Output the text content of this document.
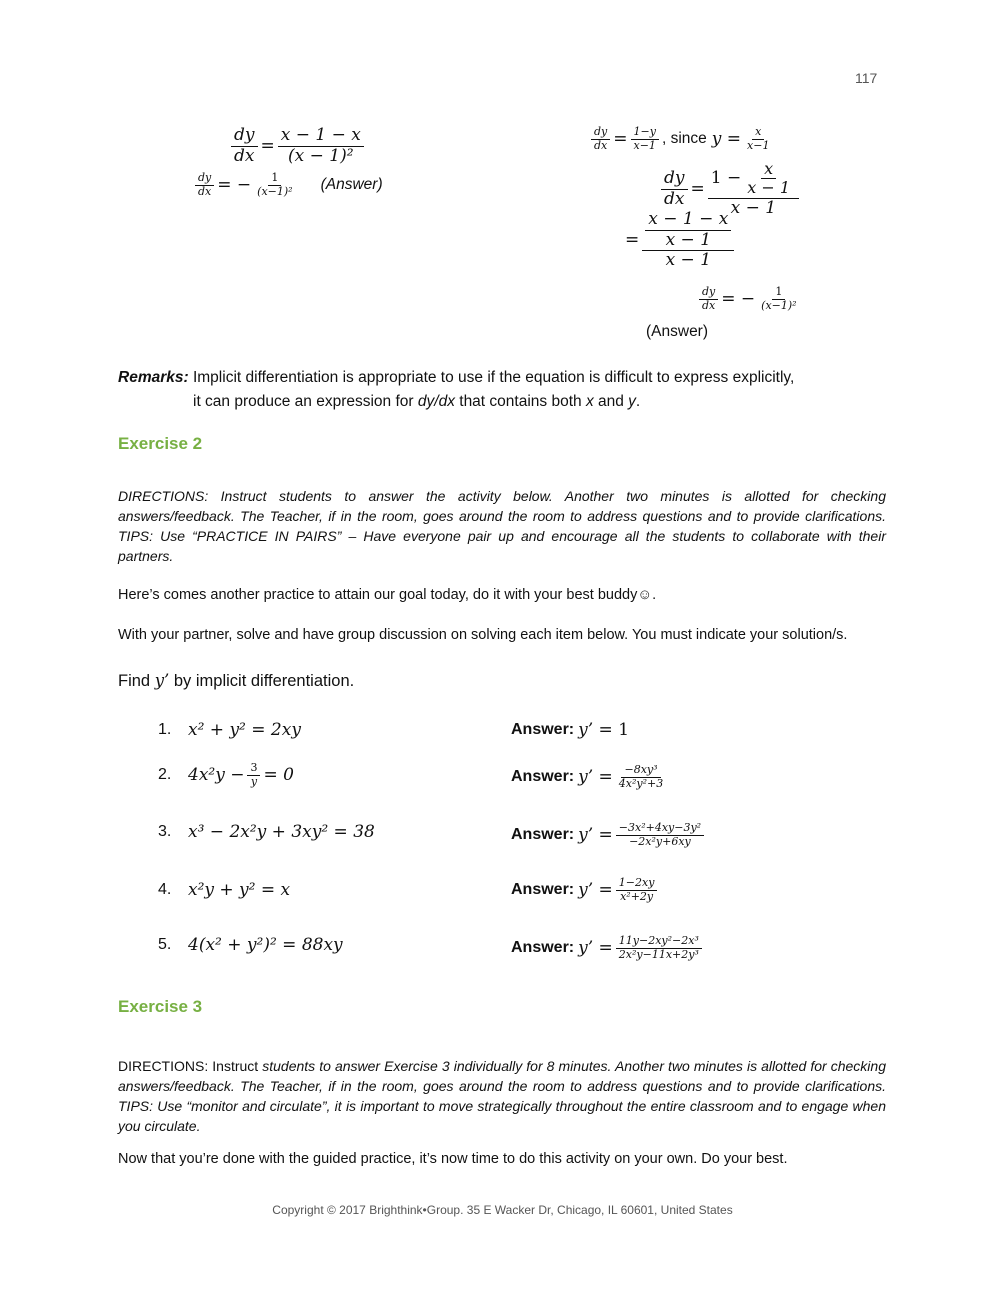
117
$\frac{dy}{dx} = \frac{x - 1 - x}{\text{(x − 1)²}}$
$\frac{dy}{dx}$ = − $\frac{1}{\text{(x−1)²}}$ (Answer)
$\frac{dy}{dx} = \frac{1-y}{x-1}$ , since $y = \frac{x}{x-1}$
$\frac{dy}{dx} = \frac{1 - \frac{x}{x - 1}}{x - 1}$
= $\frac{\frac{x - 1 - x}{x - 1}}{x - 1}$
$\frac{dy}{dx}$ = − $\frac{1}{\text{(x−1)²}}$
(Answer)
Remarks: Implicit differentiation is appropriate to use if the equation is difficult to express explicitly,
it can produce an expression for dy/dx that contains both x and y.
Exercise 2
DIRECTIONS: Instruct students to answer the activity below. Another two minutes is allotted for checking answers/feedback. The Teacher, if in the room, goes around the room to address questions and to provide clarifications. TIPS: Use “PRACTICE IN PAIRS” – Have everyone pair up and encourage all the students to collaborate with their partners.
Here’s comes another practice to attain our goal today, do it with your best buddy☺.
With your partner, solve and have group discussion on solving each item below. You must indicate your solution/s.
Find y’ by implicit differentiation.
1. x² + y² = 2xy
2. $4x^2y - \frac{3}{y} = 0$
3. x³ − 2x²y + 3xy² = 38
4. x²y + y² = x
5. 4(x² + y²)² = 88xy
Answer: y’ =
1
Answer: y’ = $\frac{\text{−8xy³}}{\text{4x²y²+3}}$
Answer: y’ = $\frac{\text{−3x²+4xy−3y²}}{\text{−2x²y+6xy}}$
Answer: y’ = $\frac{1-2xy}{\text{x²+2y}}$
Answer: y’ = $\frac{\text{11y−2xy²−2x³}}{\text{2x²y−11x+2y³}}$
Exercise 3
DIRECTIONS: Instruct students to answer Exercise 3 individually for 8 minutes. Another two minutes is allotted for checking answers/feedback. The Teacher, if in the room, goes around the room to address questions and to provide clarifications. TIPS: Use “monitor and circulate”, it is important to move strategically throughout the entire classroom and to engage when you circulate.
Now that you’re done with the guided practice, it’s now time to do this activity on your own. Do your best.
Copyright © 2017 Brighthink•Group. 35 E Wacker Dr, Chicago, IL 60601, United States
